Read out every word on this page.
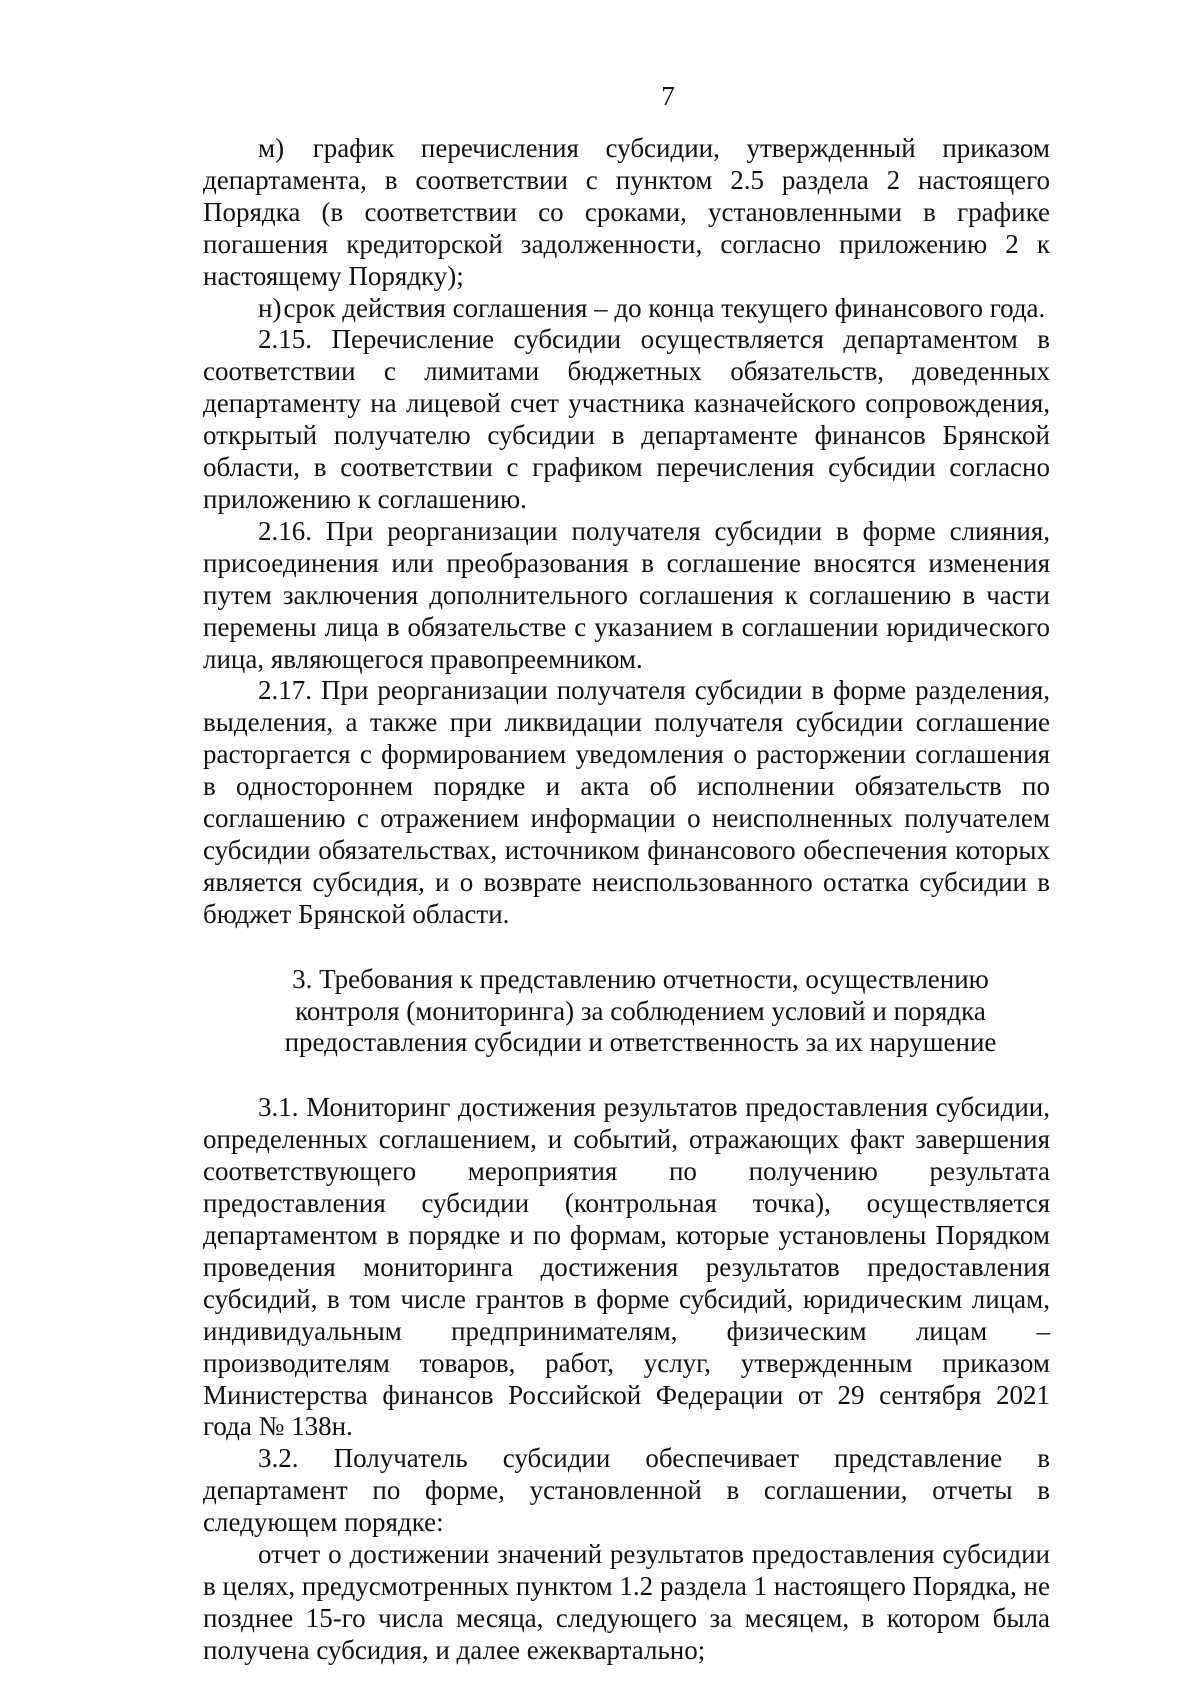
7

м) график перечисления субсидии, утвержденный приказом департамента, в соответствии с пунктом 2.5 раздела 2 настоящего Порядка (в соответствии со сроками, установленными в графике погашения кредиторской задолженности, согласно приложению 2 к настоящему Порядку);

н)срок действия соглашения – до конца текущего финансового года.

2.15. Перечисление субсидии осуществляется департаментом в соответствии с лимитами бюджетных обязательств, доведенных департаменту на лицевой счет участника казначейского сопровождения, открытый получателю субсидии в департаменте финансов Брянской области, в соответствии с графиком перечисления субсидии согласно приложению к соглашению.

2.16. При реорганизации получателя субсидии в форме слияния, присоединения или преобразования в соглашение вносятся изменения путем заключения дополнительного соглашения к соглашению в части перемены лица в обязательстве с указанием в соглашении юридического лица, являющегося правопреемником.

2.17. При реорганизации получателя субсидии в форме разделения, выделения, а также при ликвидации получателя субсидии соглашение расторгается с формированием уведомления о расторжении соглашения в одностороннем порядке и акта об исполнении обязательств по соглашению с отражением информации о неисполненных получателем субсидии обязательствах, источником финансового обеспечения которых является субсидия, и о возврате неиспользованного остатка субсидии в бюджет Брянской области.

3. Требования к представлению отчетности, осуществлению контроля (мониторинга) за соблюдением условий и порядка предоставления субсидии и ответственность за их нарушение

3.1. Мониторинг достижения результатов предоставления субсидии, определенных соглашением, и событий, отражающих факт завершения соответствующего мероприятия по получению результата предоставления субсидии (контрольная точка), осуществляется департаментом в порядке и по формам, которые установлены Порядком проведения мониторинга достижения результатов предоставления субсидий, в том числе грантов в форме субсидий, юридическим лицам, индивидуальным предпринимателям, физическим лицам – производителям товаров, работ, услуг, утвержденным приказом Министерства финансов Российской Федерации от 29 сентября 2021 года № 138н.

3.2. Получатель субсидии обеспечивает представление в департамент по форме, установленной в соглашении, отчеты в следующем порядке:

отчет о достижении значений результатов предоставления субсидии в целях, предусмотренных пунктом 1.2 раздела 1 настоящего Порядка, не позднее 15-го числа месяца, следующего за месяцем, в котором была получена субсидия, и далее ежеквартально;
